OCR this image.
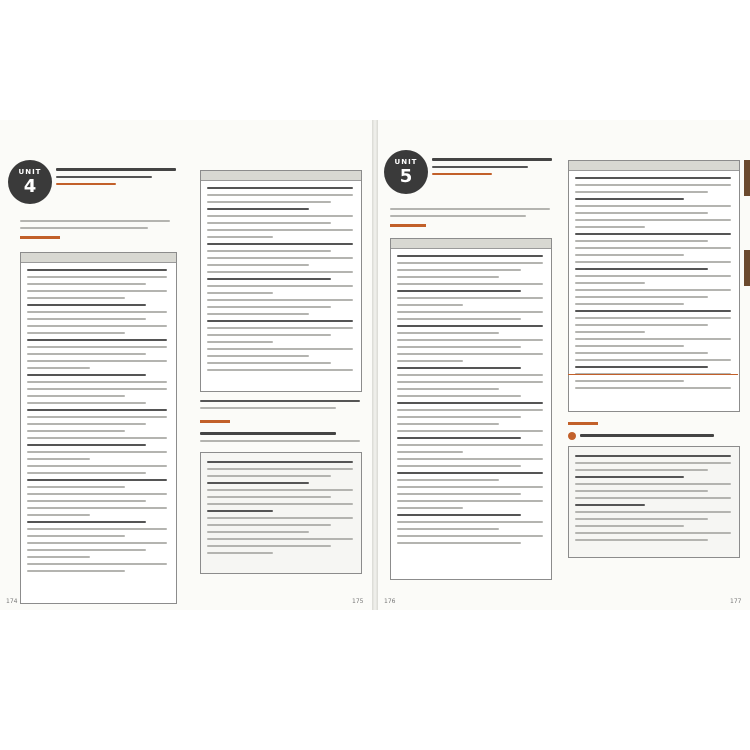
UNIT
4
174	175
UNIT
5
176	177
